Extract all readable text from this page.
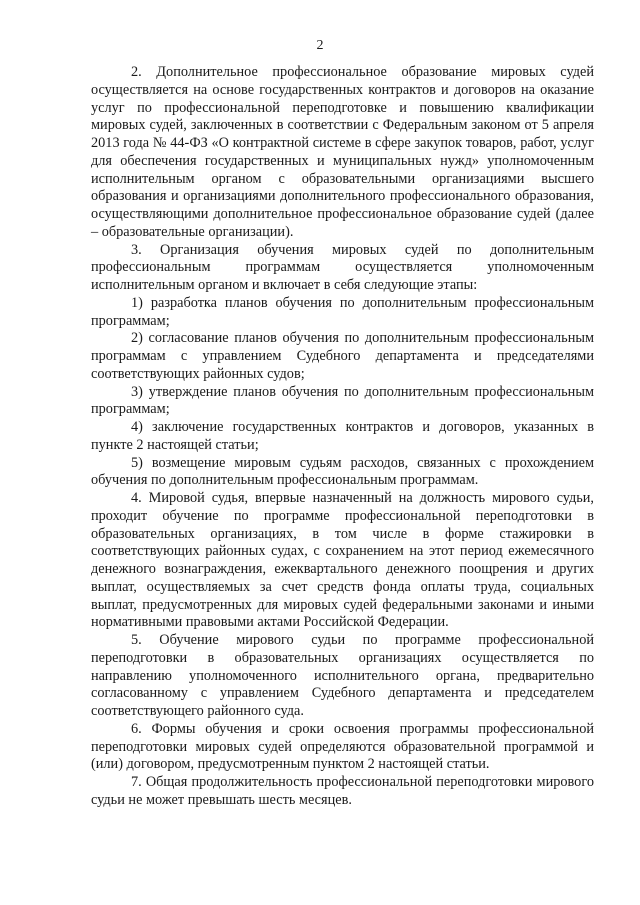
2

2. Дополнительное профессиональное образование мировых судей осуществляется на основе государственных контрактов и договоров на оказание услуг по профессиональной переподготовке и повышению квалификации мировых судей, заключенных в соответствии с Федеральным законом от 5 апреля 2013 года № 44-ФЗ «О контрактной системе в сфере закупок товаров, работ, услуг для обеспечения государственных и муниципальных нужд» уполномоченным исполнительным органом с образовательными организациями высшего образования и организациями дополнительного профессионального образования, осуществляющими дополнительное профессиональное образование судей (далее – образовательные организации).

3. Организация обучения мировых судей по дополнительным профессиональным программам осуществляется уполномоченным исполнительным органом и включает в себя следующие этапы:

1) разработка планов обучения по дополнительным профессиональным программам;

2) согласование планов обучения по дополнительным профессиональным программам с управлением Судебного департамента и председателями соответствующих районных судов;

3) утверждение планов обучения по дополнительным профессиональным программам;

4) заключение государственных контрактов и договоров, указанных в пункте 2 настоящей статьи;

5) возмещение мировым судьям расходов, связанных с прохождением обучения по дополнительным профессиональным программам.

4. Мировой судья, впервые назначенный на должность мирового судьи, проходит обучение по программе профессиональной переподготовки в образовательных организациях, в том числе в форме стажировки в соответствующих районных судах, с сохранением на этот период ежемесячного денежного вознаграждения, ежеквартального денежного поощрения и других выплат, осуществляемых за счет средств фонда оплаты труда, социальных выплат, предусмотренных для мировых судей федеральными законами и иными нормативными правовыми актами Российской Федерации.

5. Обучение мирового судьи по программе профессиональной переподготовки в образовательных организациях осуществляется по направлению уполномоченного исполнительного органа, предварительно согласованному с управлением Судебного департамента и председателем соответствующего районного суда.

6. Формы обучения и сроки освоения программы профессиональной переподготовки мировых судей определяются образовательной программой и (или) договором, предусмотренным пунктом 2 настоящей статьи.

7. Общая продолжительность профессиональной переподготовки мирового судьи не может превышать шесть месяцев.
